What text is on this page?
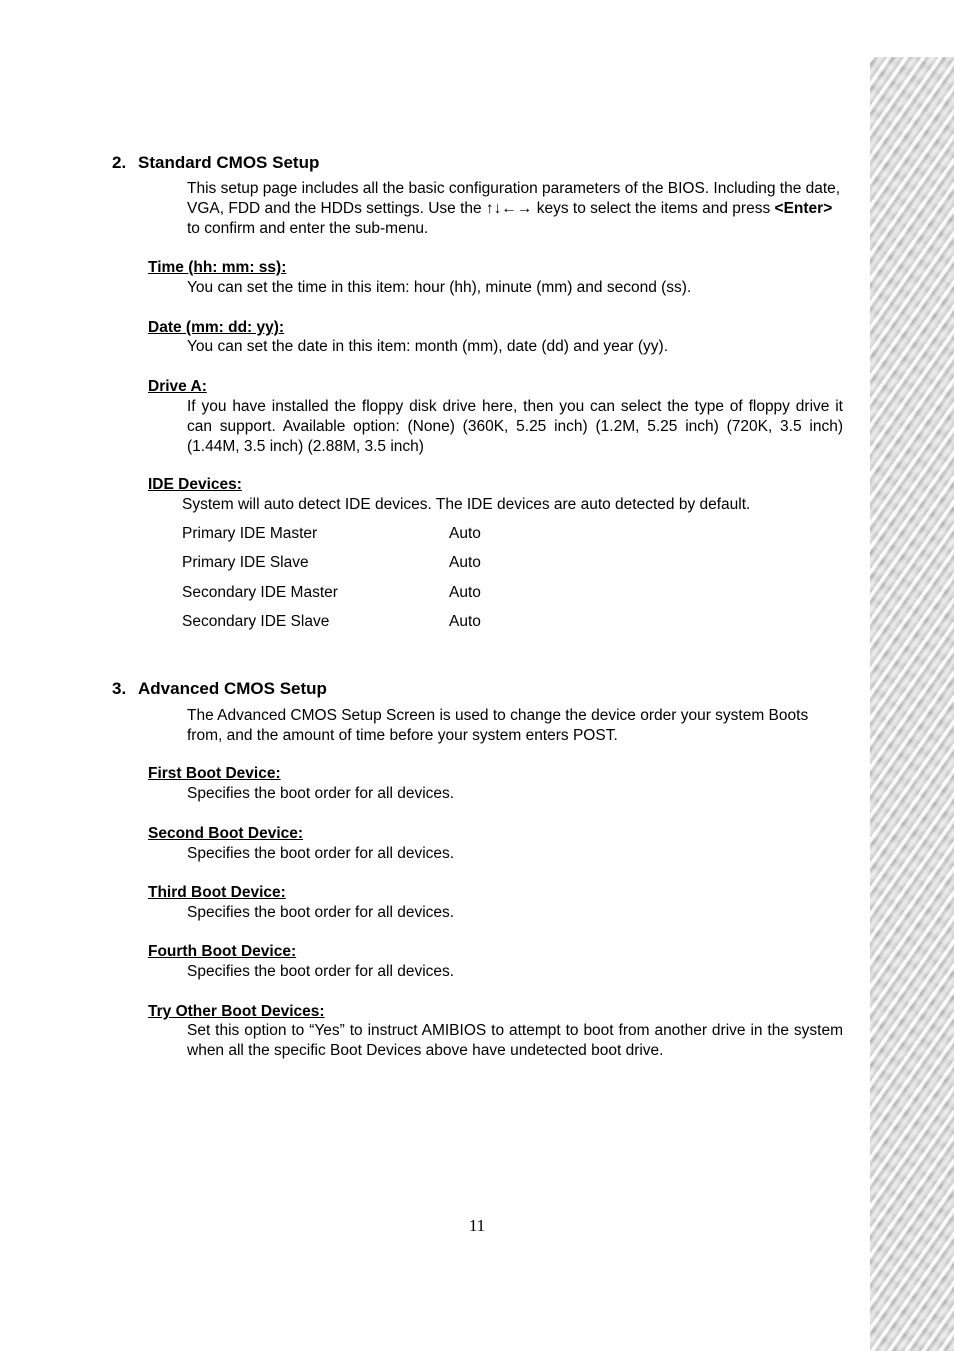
2. Standard CMOS Setup
This setup page includes all the basic configuration parameters of the BIOS. Including the date, VGA, FDD and the HDDs settings. Use the ↑↓←→ keys to select the items and press <Enter> to confirm and enter the sub-menu.
Time (hh: mm: ss):
You can set the time in this item: hour (hh), minute (mm) and second (ss).
Date (mm: dd: yy):
You can set the date in this item: month (mm), date (dd) and year (yy).
Drive A:
If you have installed the floppy disk drive here, then you can select the type of floppy drive it can support. Available option: (None) (360K, 5.25 inch) (1.2M, 5.25 inch) (720K, 3.5 inch) (1.44M, 3.5 inch) (2.88M, 3.5 inch)
IDE Devices:
System will auto detect IDE devices. The IDE devices are auto detected by default.
Primary IDE Master	Auto
Primary IDE Slave	Auto
Secondary IDE Master	Auto
Secondary IDE Slave	Auto
3. Advanced CMOS Setup
The Advanced CMOS Setup Screen is used to change the device order your system Boots from, and the amount of time before your system enters POST.
First Boot Device:
Specifies the boot order for all devices.
Second Boot Device:
Specifies the boot order for all devices.
Third Boot Device:
Specifies the boot order for all devices.
Fourth Boot Device:
Specifies the boot order for all devices.
Try Other Boot Devices:
Set this option to “Yes” to instruct AMIBIOS to attempt to boot from another drive in the system when all the specific Boot Devices above have undetected boot drive.
11
